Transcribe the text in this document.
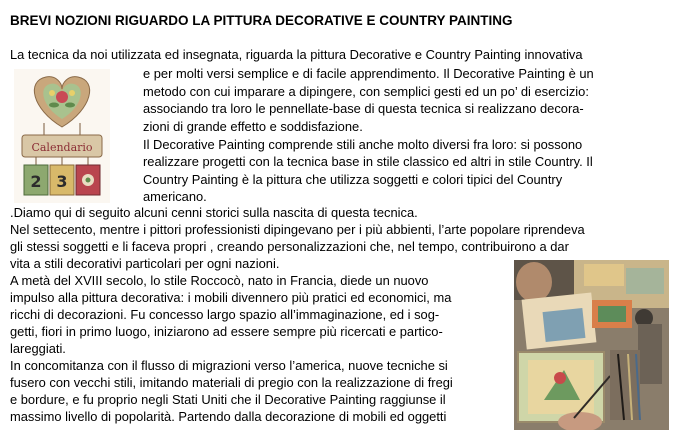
BREVI NOZIONI RIGUARDO LA PITTURA DECORATIVE E COUNTRY PAINTING
La tecnica da noi utilizzata ed insegnata, riguarda la pittura Decorative e Country Painting innovativa
e per molti versi semplice e di facile apprendimento. Il Decorative Painting è un
metodo con cui imparare a dipingere, con semplici gesti ed un po’ di esercizio:
associando tra loro le pennellate-base di questa tecnica si realizzano decora-
zioni di grande effetto e soddisfazione.
Il Decorative Painting comprende stili anche molto diversi fra loro: si possono
realizzare progetti con la tecnica base in stile classico ed altri in stile Country. Il
Country Painting è la pittura che utilizza soggetti e colori tipici del Country
americano.
.Diamo qui di seguito alcuni cenni storici sulla nascita di questa tecnica.
Nel settecento, mentre i pittori professionisti dipingevano per i più abbienti, l’arte popolare riprendeva
gli stessi soggetti e li faceva propri , creando personalizzazioni che, nel tempo, contribuirono a dar
vita a stili decorativi particolari per ogni nazioni.
A metà del XVIII secolo, lo stile Roccocò, nato in Francia, diede un nuovo
impulso alla pittura decorativa: i mobili divennero più pratici ed economici, ma
ricchi di decorazioni. Fu concesso largo spazio all’immaginazione, ed i sog-
getti, fiori in primo luogo, iniziarono ad essere sempre più ricercati e partico-
lareggiati.
In concomitanza con il flusso di migrazioni verso l’america, nuove tecniche si
fusero con vecchi stili, imitando materiali di pregio con la realizzazione di fregi
e bordure, e fu proprio negli Stati Uniti che il Decorative Painting raggiunse il
massimo livello di popolarità. Partendo dalla decorazione di mobili ed oggetti
Calendario
2 3
